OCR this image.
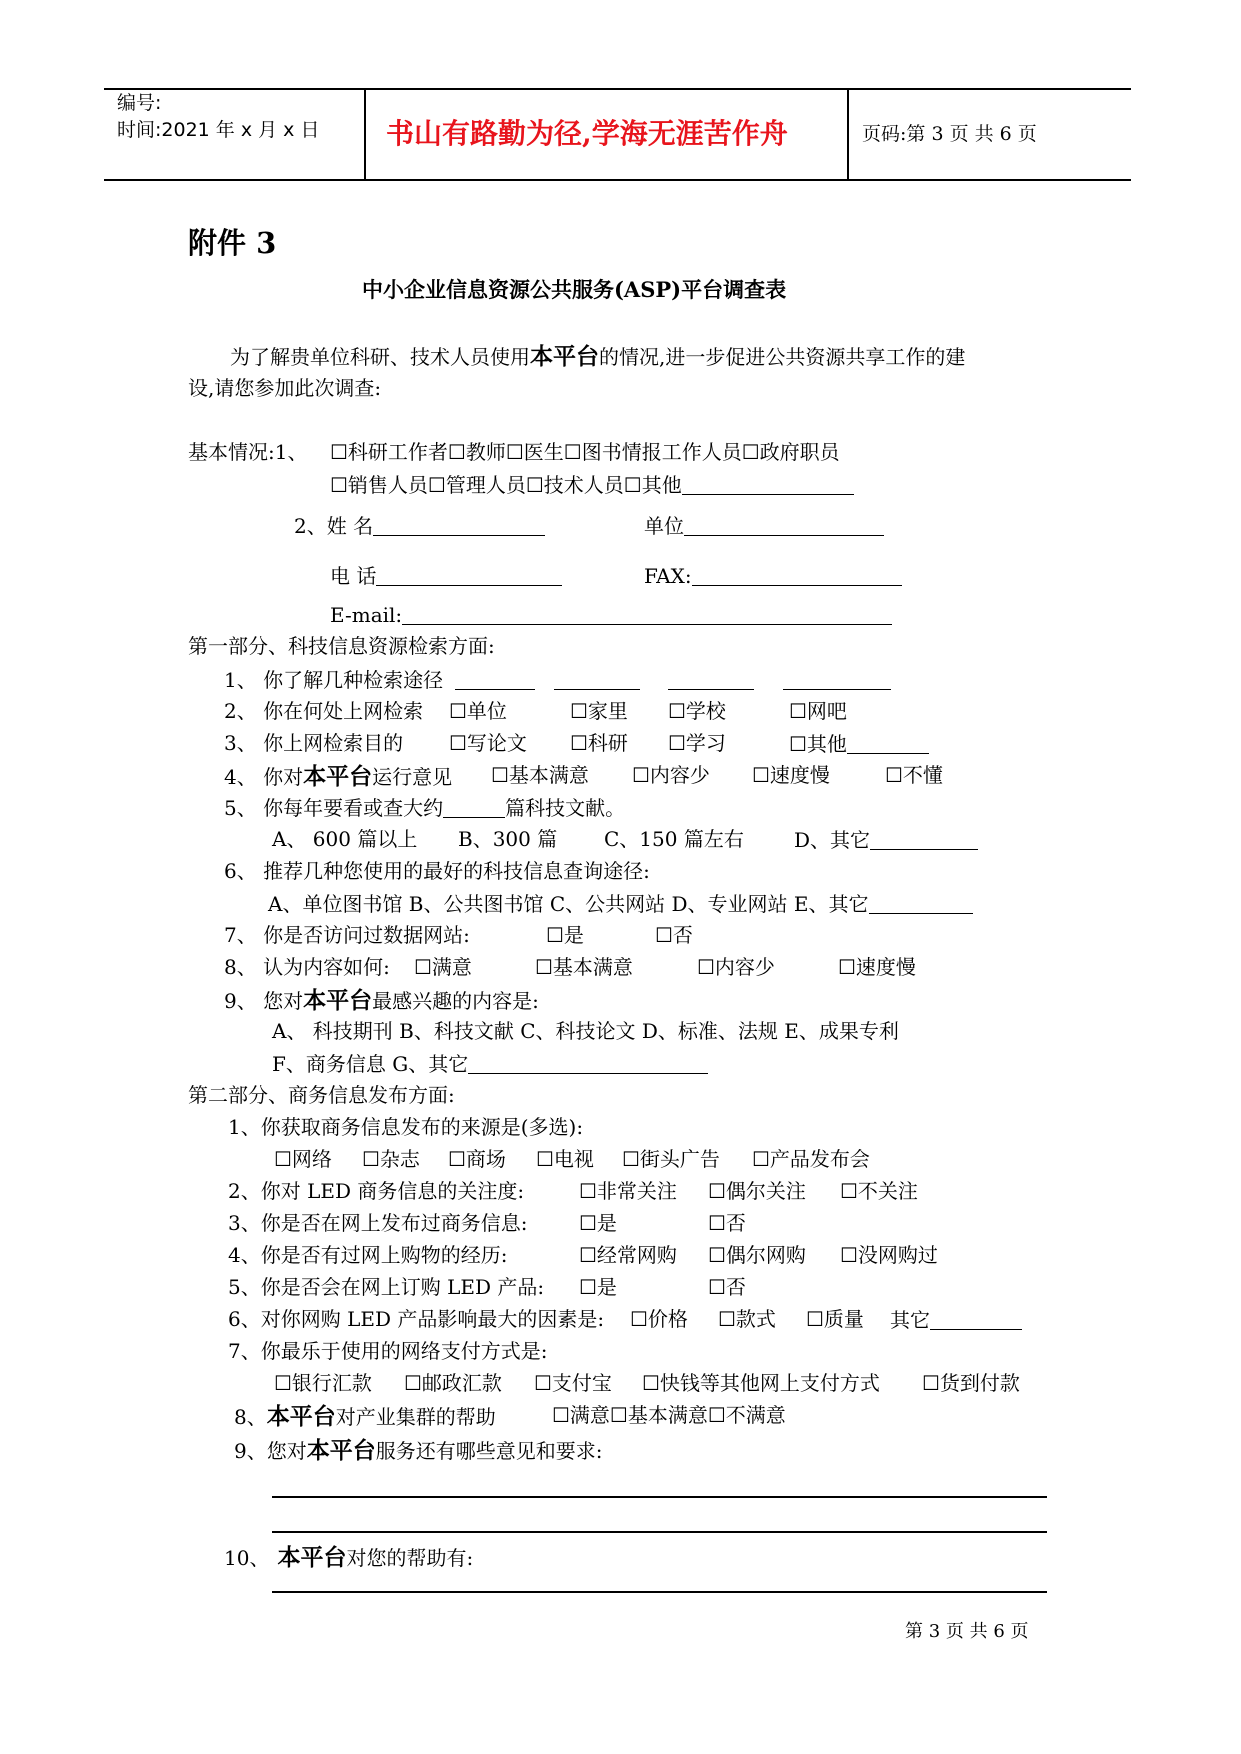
编号:
时间:2021 年 x 月 x 日 书山有路勤为径,学海无涯苦作舟	页码:第 3 页 共 6 页
附件 3
中小企业信息资源公共服务(ASP)平台调查表
为了解贵单位科研、技术人员使用本平台的情况,进一步促进公共资源共享工作的建
设,请您参加此次调查:
基本情况:1、 ☐科研工作者☐教师☐医生☐图书情报工作人员☐政府职员
☐销售人员☐管理人员☐技术人员☐其他
2、姓 名	单位
电 话	FAX:
E-mail:
第一部分、科技信息资源检索方面:
1、 你了解几种检索途径
2、 你在何处上网检索 ☐单位	☐家里 ☐学校	☐网吧
3、 你上网检索目的 ☐写论文 ☐科研 ☐学习	☐其他
4、 你对本平台运行意见 ☐基本满意 ☐内容少 ☐速度慢	☐不懂
5、 你每年要看或查大约	篇科技文献。
A、 600 篇以上 B、300 篇 C、150 篇左右	D、其它
6、 推荐几种您使用的最好的科技信息查询途径:
A、单位图书馆 B、公共图书馆 C、公共网站 D、专业网站 E、其它
7、 你是否访问过数据网站:	☐是	☐否
8、 认为内容如何: ☐满意	☐基本满意	☐内容少	☐速度慢
9、 您对本平台最感兴趣的内容是:
A、 科技期刊 B、科技文献 C、科技论文 D、标准、法规 E、成果专利
F、商务信息 G、其它
第二部分、商务信息发布方面:
1、你获取商务信息发布的来源是(多选):
☐网络 ☐杂志 ☐商场 ☐电视 ☐街头广告 ☐产品发布会
2、你对 LED 商务信息的关注度:	☐非常关注 ☐偶尔关注 ☐不关注
3、你是否在网上发布过商务信息:	☐是	☐否
4、你是否有过网上购物的经历:	☐经常网购 ☐偶尔网购 ☐没网购过
5、你是否会在网上订购 LED 产品: ☐是	☐否
6、对你网购 LED 产品影响最大的因素是: ☐价格 ☐款式 ☐质量 其它
7、你最乐于使用的网络支付方式是:
☐银行汇款 ☐邮政汇款 ☐支付宝 ☐快钱等其他网上支付方式 ☐货到付款
8、本平台对产业集群的帮助	☐满意☐基本满意☐不满意
9、您对本平台服务还有哪些意见和要求:
10、 本平台对您的帮助有:
第 3 页 共 6 页
